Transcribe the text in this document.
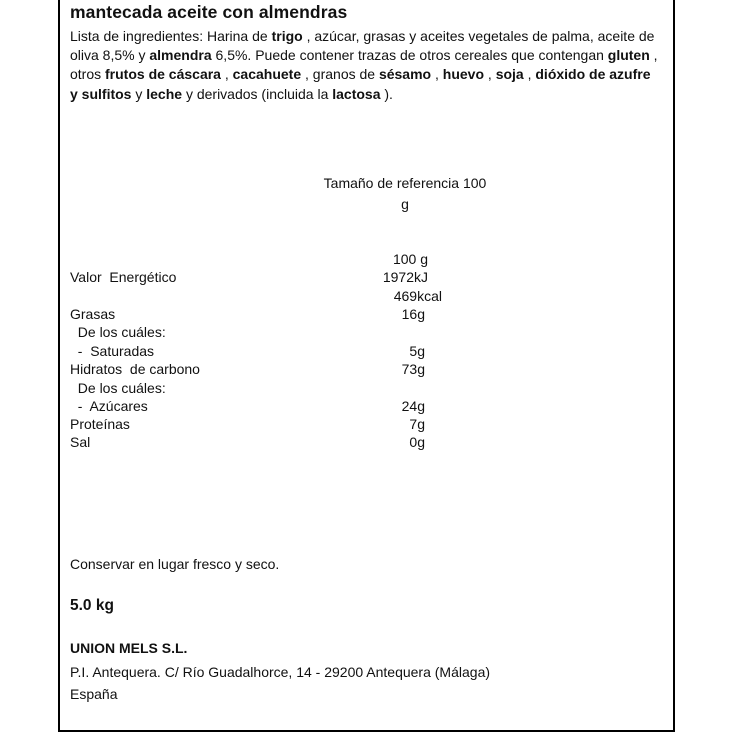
mantecada aceite con almendras
Lista de ingredientes: Harina de trigo , azúcar, grasas y aceites vegetales de palma, aceite de oliva 8,5% y almendra 6,5%. Puede contener trazas de otros cereales que contengan gluten , otros frutos de cáscara , cacahuete , granos de sésamo , huevo , soja , dióxido de azufre y sulfitos y leche y derivados (incluida la lactosa ).
Tamaño de referencia 100
g
100 g
Valor  Energético	1972kJ
469kcal
Grasas	16g
De los cuáles:
-  Saturadas	5g
Hidratos  de carbono	73g
De los cuáles:
-  Azúcares	24g
Proteínas	7g
Sal	0g
Conservar en lugar fresco y seco.
5.0 kg
UNION MELS S.L.
P.I. Antequera. C/ Río Guadalhorce, 14 - 29200 Antequera (Málaga)
España
